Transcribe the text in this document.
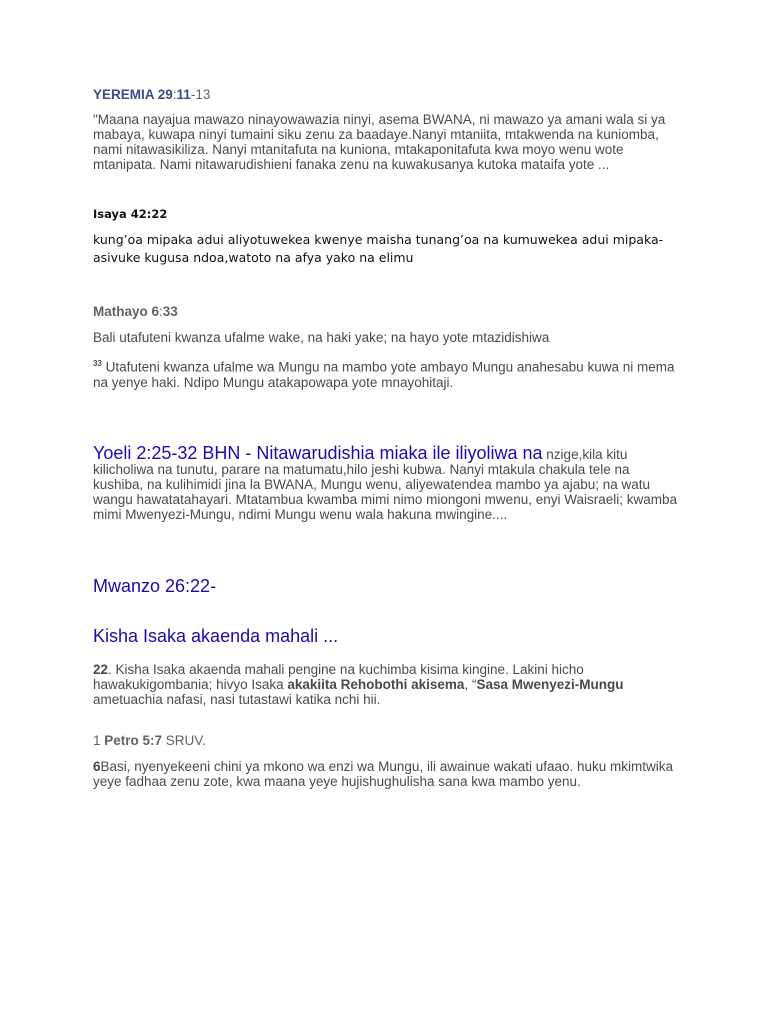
YEREMIA 29:11-13
"Maana nayajua mawazo ninayowawazia ninyi, asema BWANA, ni mawazo ya amani wala si ya mabaya, kuwapa ninyi tumaini siku zenu za baadaye.Nanyi mtaniita, mtakwenda na kuniomba, nami nitawasikiliza. Nanyi mtanitafuta na kuniona, mtakaponitafuta kwa moyo wenu wote mtanipata. Nami nitawarudishieni fanaka zenu na kuwakusanya kutoka mataifa yote ...
Isaya 42:22
kung’oa mipaka adui aliyotuwekea kwenye maisha tunang’oa na kumuwekea adui mipaka- asivuke kugusa ndoa,watoto na afya yako na elimu
Mathayo 6:33
Bali utafuteni kwanza ufalme wake, na haki yake; na hayo yote mtazidishiwa
$^{33}$ Utafuteni kwanza ufalme wa Mungu na mambo yote ambayo Mungu anahesabu kuwa ni mema na yenye haki. Ndipo Mungu atakapowapa yote mnayohitaji.
Yoeli 2:25-32 BHN - Nitawarudishia miaka ile iliyoliwa na nzige,kila kitu kilicholiwa na tunutu, parare na matumatu,hilo jeshi kubwa. Nanyi mtakula chakula tele na kushiba, na kulihimidi jina la BWANA, Mungu wenu, aliyewatendea mambo ya ajabu; na watu wangu hawatatahayari. Mtatambua kwamba mimi nimo miongoni mwenu, enyi Waisraeli; kwamba mimi Mwenyezi-Mungu, ndimi Mungu wenu wala hakuna mwingine....
Mwanzo 26:22-
Kisha Isaka akaenda mahali ...
22. Kisha Isaka akaenda mahali pengine na kuchimba kisima kingine. Lakini hicho hawakukigombania; hivyo Isaka akakiita Rehobothi akisema, “Sasa Mwenyezi-Mungu ametuachia nafasi, nasi tutastawi katika nchi hii.
1 Petro 5:7 SRUV.
6Basi, nyenyekeeni chini ya mkono wa enzi wa Mungu, ili awainue wakati ufaao. huku mkimtwika yeye fadhaa zenu zote, kwa maana yeye hujishughulisha sana kwa mambo yenu.
